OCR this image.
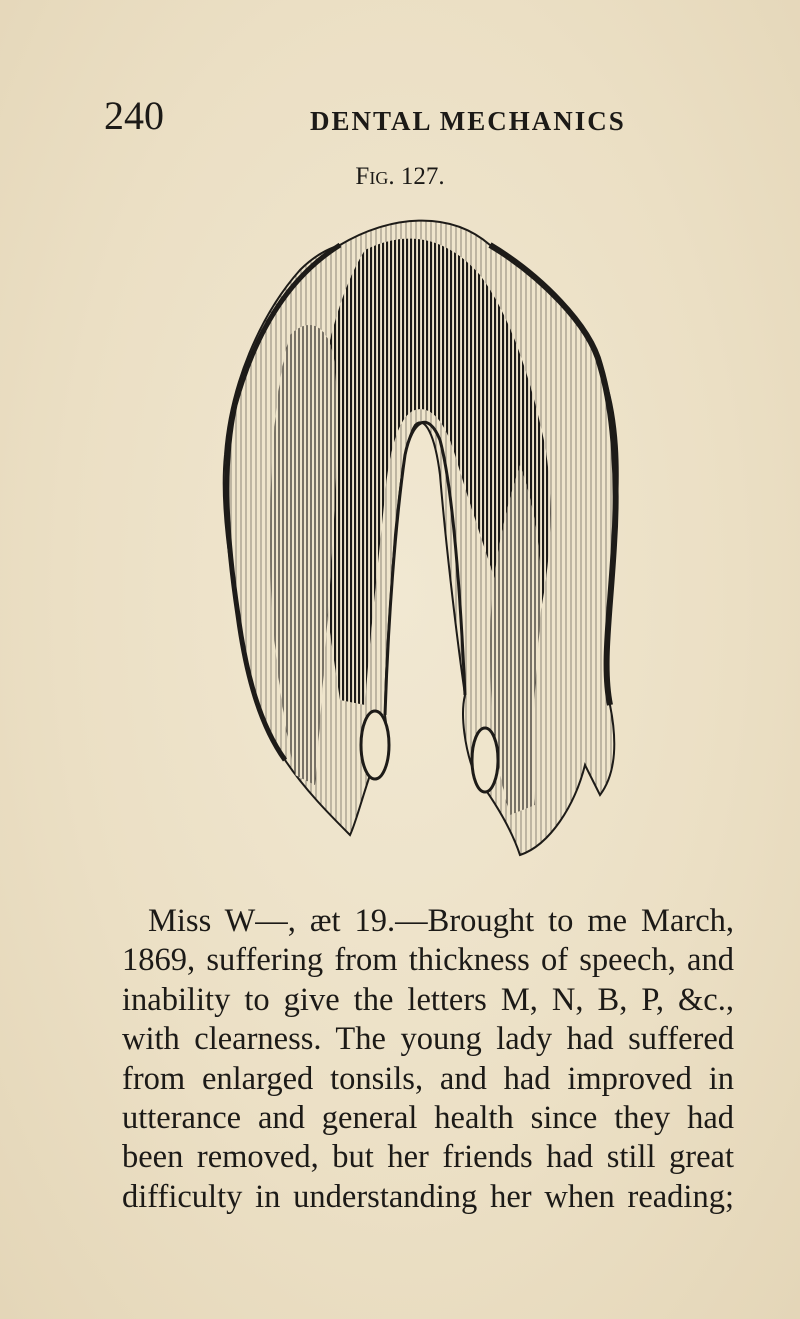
240	DENTAL MECHANICS
Fig. 127.
Miss W—, æt 19.—Brought to me March,
1869, suffering from thickness of speech, and
inability to give the letters M, N, B, P, &c.,
with clearness. The young lady had suffered
from enlarged tonsils, and had improved in
utterance and general health since they had
been removed, but her friends had still great
difficulty in understanding her when reading;
